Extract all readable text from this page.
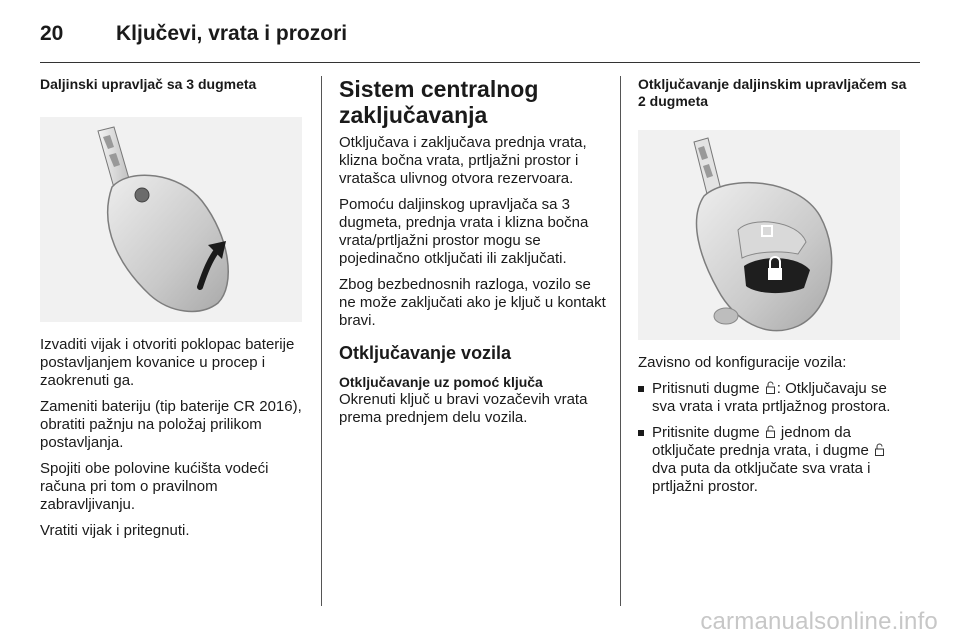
20	Ključevi, vrata i prozori
Daljinski upravljač sa 3 dugmeta

Izvaditi vijak i otvoriti poklopac baterije postavljanjem kovanice u procep i zaokrenuti ga.

Zameniti bateriju (tip baterije CR 2016), obratiti pažnju na položaj prilikom postavljanja.

Spojiti obe polovine kućišta vodeći računa pri tom o pravilnom zabravljivanju.

Vratiti vijak i pritegnuti.

Sistem centralnog zaključavanja

Otključava i zaključava prednja vrata, klizna bočna vrata, prtljažni prostor i vratašca ulivnog otvora rezervoara.

Pomoću daljinskog upravljača sa 3 dugmeta, prednja vrata i klizna bočna vrata/prtljažni prostor mogu se pojedinačno otključati ili zaključati.

Zbog bezbednosnih razloga, vozilo se ne može zaključati ako je ključ u kontakt bravi.

Otključavanje vozila
Otključavanje uz pomoć ključa

Okrenuti ključ u bravi vozačevih vrata prema prednjem delu vozila.

Otključavanje daljinskim upravljačem sa 2 dugmeta

Zavisno od konfiguracije vozila:

Pritisnuti dugme : Otključavaju se sva vrata i vrata prtljažnog prostora.
Pritisnite dugme jednom da otključate prednja vrata, i dugme  dva puta da otključate sva vrata i prtljažni prostor.
carmanualsonline.info
